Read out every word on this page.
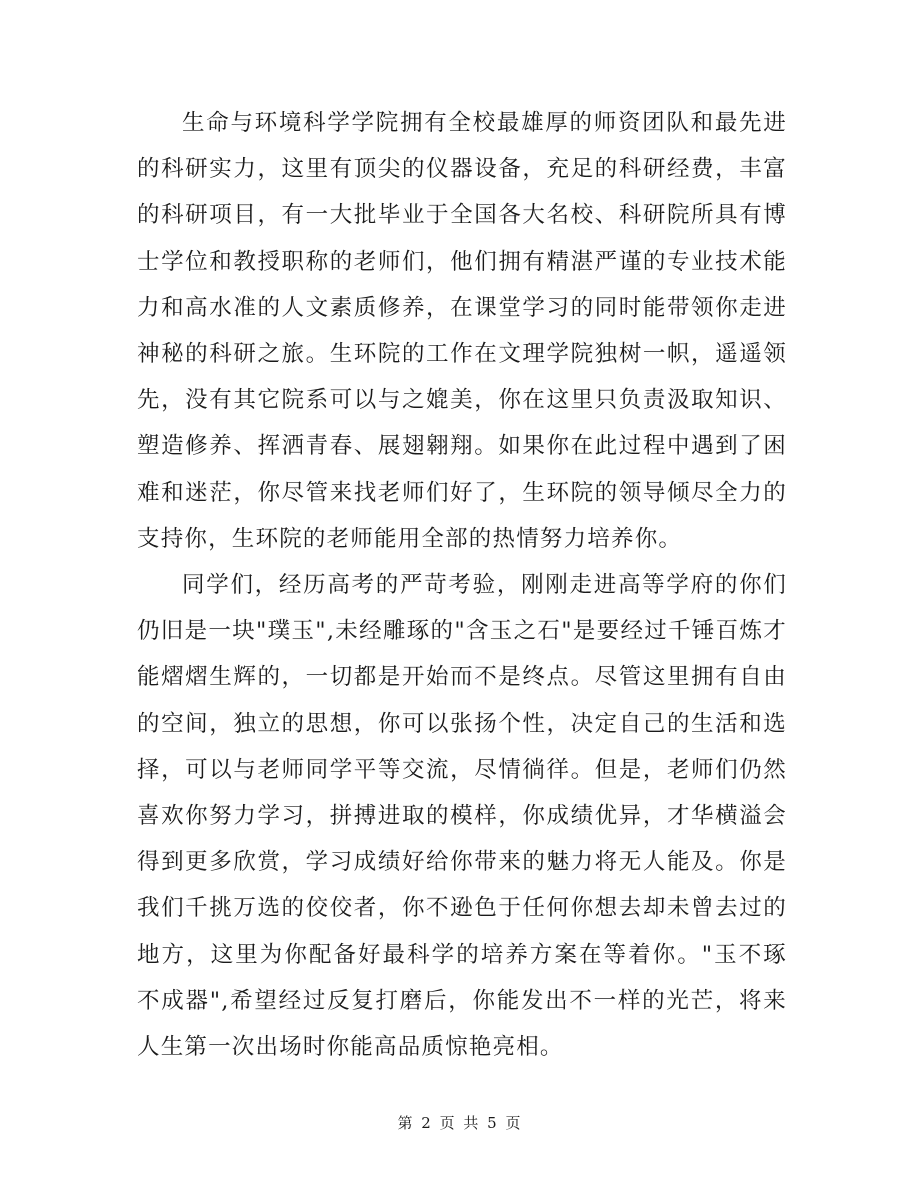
生命与环境科学学院拥有全校最雄厚的师资团队和最先进的科研实力，这里有顶尖的仪器设备，充足的科研经费，丰富的科研项目，有一大批毕业于全国各大名校、科研院所具有博士学位和教授职称的老师们，他们拥有精湛严谨的专业技术能力和高水准的人文素质修养，在课堂学习的同时能带领你走进神秘的科研之旅。生环院的工作在文理学院独树一帜，遥遥领先，没有其它院系可以与之媲美，你在这里只负责汲取知识、塑造修养、挥洒青春、展翅翱翔。如果你在此过程中遇到了困难和迷茫，你尽管来找老师们好了，生环院的领导倾尽全力的支持你，生环院的老师能用全部的热情努力培养你。

同学们，经历高考的严苛考验，刚刚走进高等学府的你们仍旧是一块"璞玉",未经雕琢的"含玉之石"是要经过千锤百炼才能熠熠生辉的，一切都是开始而不是终点。尽管这里拥有自由的空间，独立的思想，你可以张扬个性，决定自己的生活和选择，可以与老师同学平等交流，尽情徜徉。但是，老师们仍然喜欢你努力学习，拼搏进取的模样，你成绩优异，才华横溢会得到更多欣赏，学习成绩好给你带来的魅力将无人能及。你是我们千挑万选的佼佼者，你不逊色于任何你想去却未曾去过的地方，这里为你配备好最科学的培养方案在等着你。"玉不琢不成器",希望经过反复打磨后，你能发出不一样的光芒，将来人生第一次出场时你能高品质惊艳亮相。

第 2 页 共 5 页
